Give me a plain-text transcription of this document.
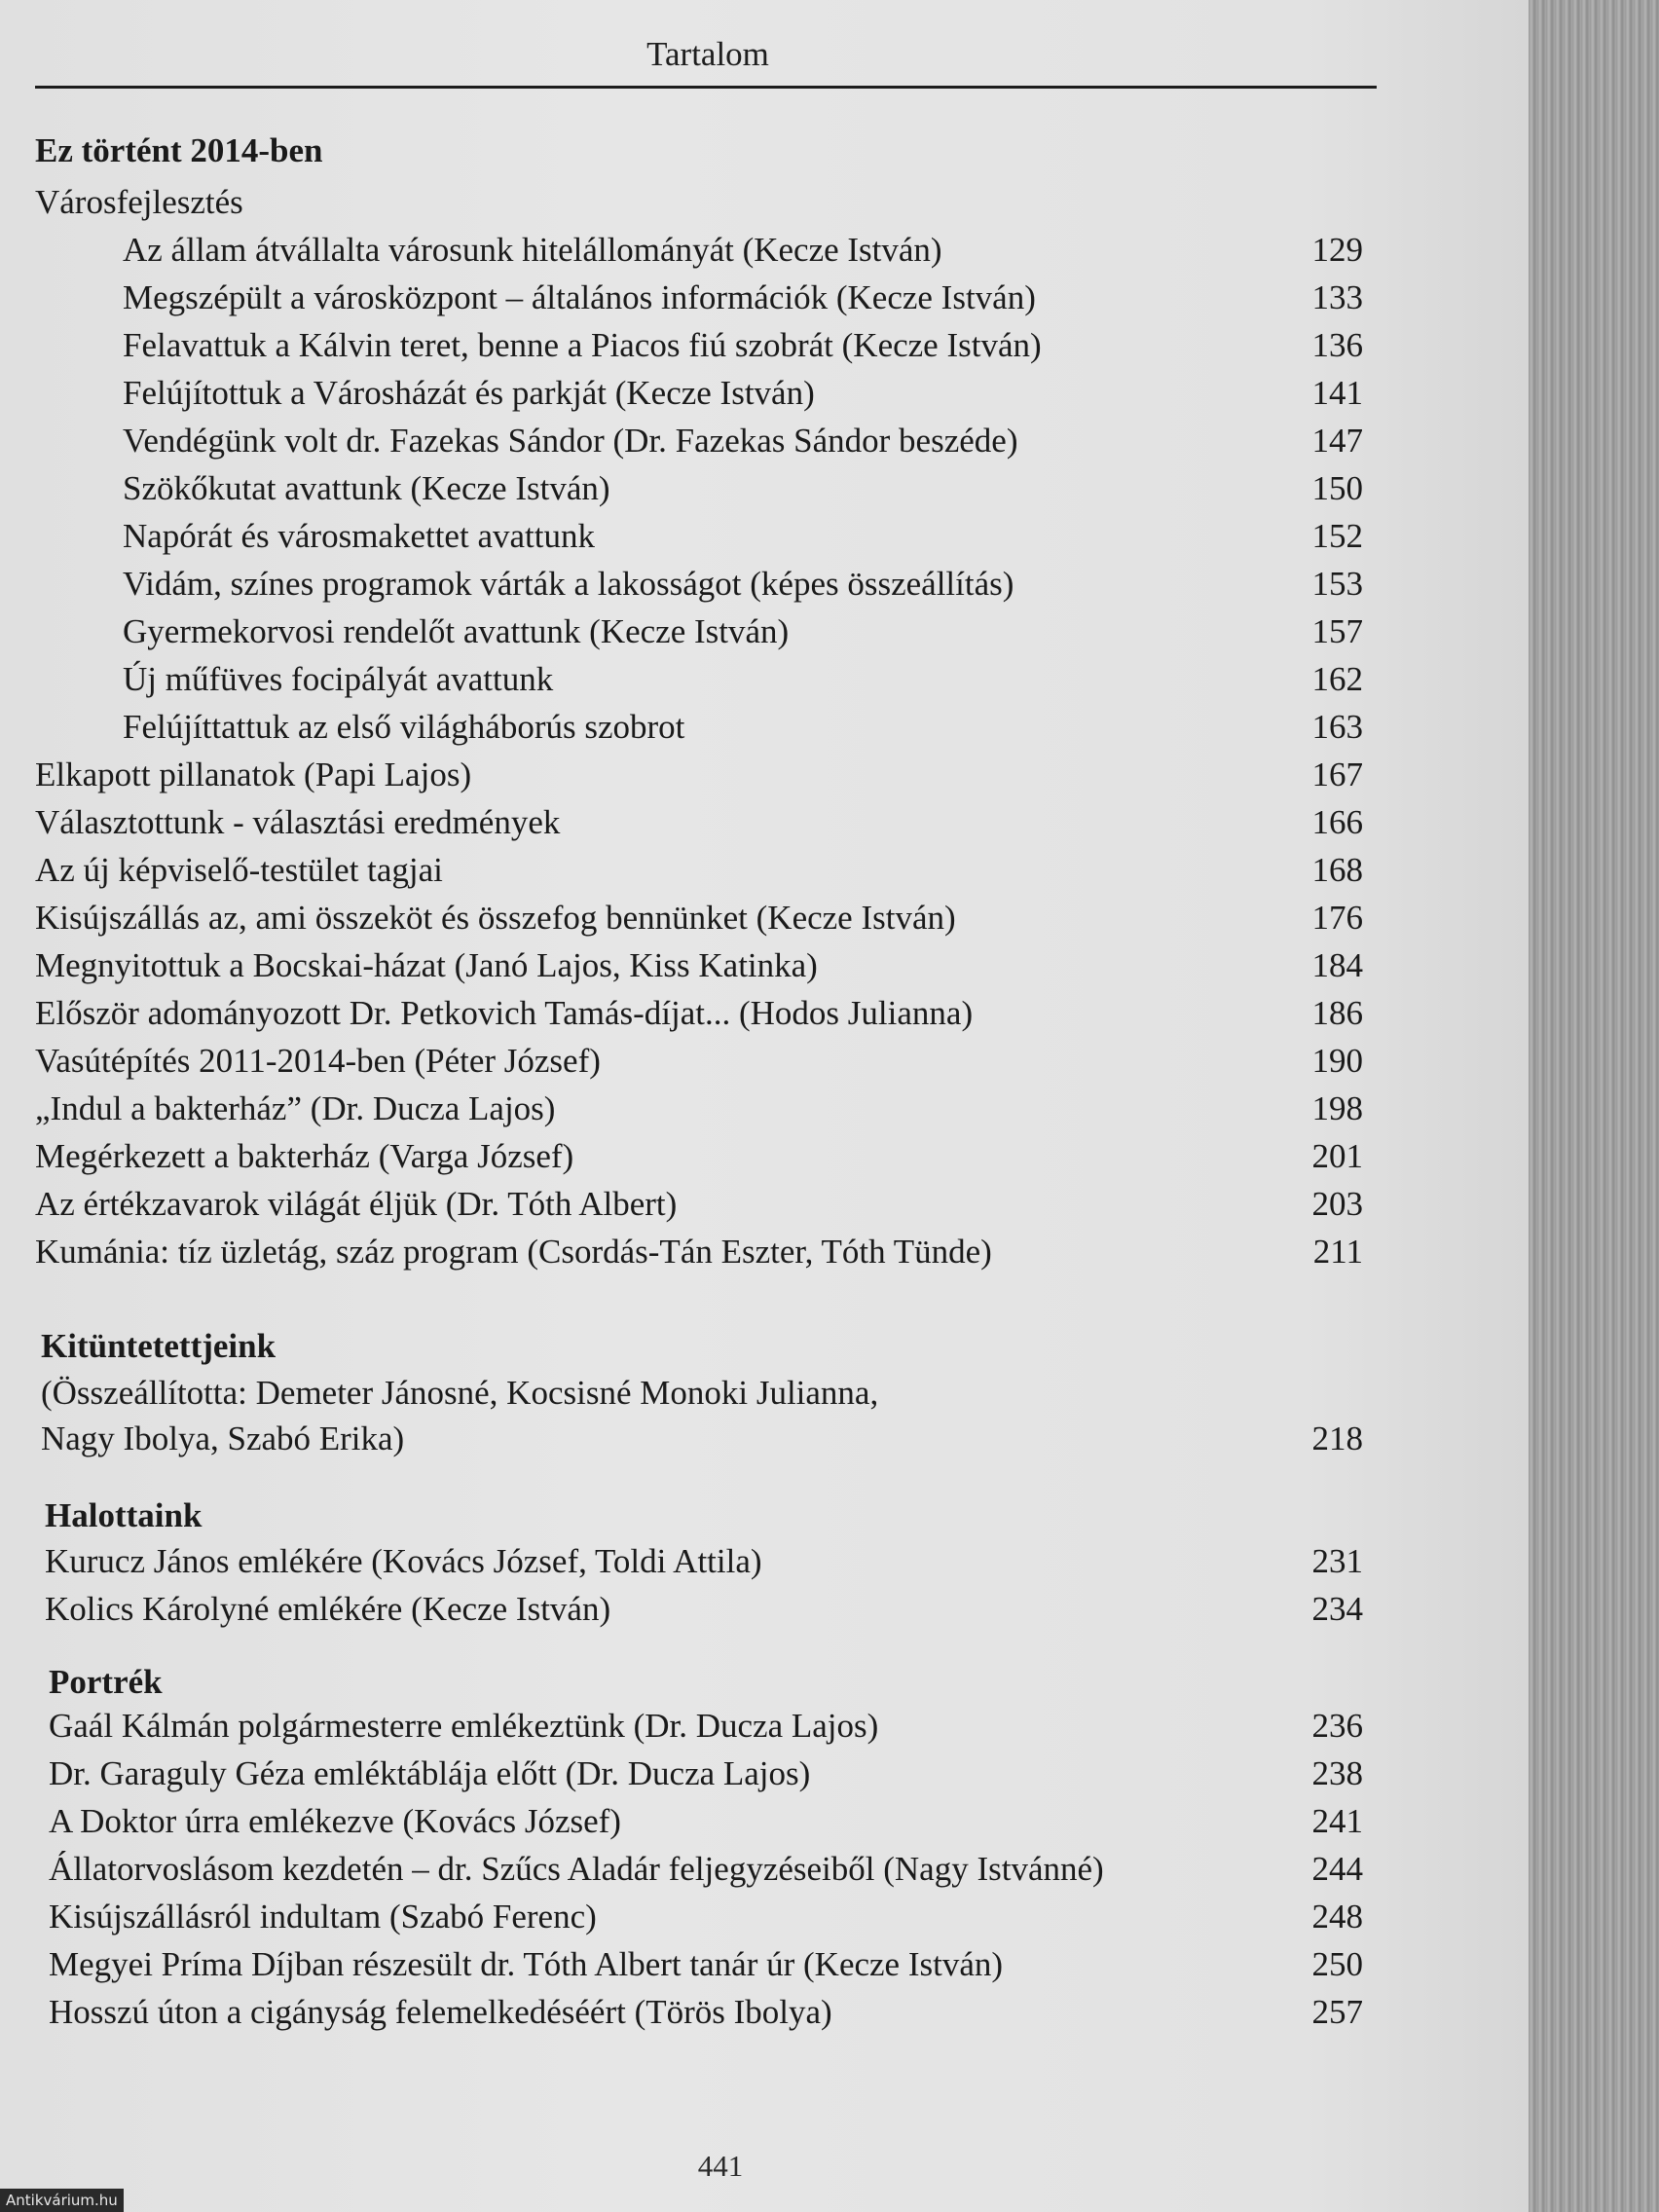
Tartalom
Ez történt 2014-ben
Városfejlesztés
Az állam átvállalta városunk hitelállományát (Kecze István)	129
Megszépült a városközpont – általános információk (Kecze István)	133
Felavattuk a Kálvin teret, benne a Piacos fiú szobrát (Kecze István)	136
Felújítottuk a Városházát és parkját (Kecze István)	141
Vendégünk volt dr. Fazekas Sándor (Dr. Fazekas Sándor beszéde)	147
Szökőkutat avattunk (Kecze István)	150
Napórát és városmakettet avattunk	152
Vidám, színes programok várták a lakosságot (képes összeállítás)	153
Gyermekorvosi rendelőt avattunk (Kecze István)	157
Új műfüves focipályát avattunk	162
Felújíttattuk az első világháborús szobrot	163
Elkapott pillanatok (Papi Lajos)	167
Választottunk - választási eredmények	166
Az új képviselő-testület tagjai	168
Kisújszállás az, ami összeköt és összefog bennünket (Kecze István)	176
Megnyitottuk a Bocskai-házat (Janó Lajos, Kiss Katinka)	184
Először adományozott Dr. Petkovich Tamás-díjat... (Hodos Julianna)	186
Vasútépítés 2011-2014-ben (Péter József)	190
„Indul a bakterház” (Dr. Ducza Lajos)	198
Megérkezett a bakterház (Varga József)	201
Az értékzavarok világát éljük (Dr. Tóth Albert)	203
Kumánia: tíz üzletág, száz program (Csordás-Tán Eszter, Tóth Tünde)	211
Kitüntetettjeink
(Összeállította: Demeter Jánosné, Kocsisné Monoki Julianna,
Nagy Ibolya, Szabó Erika)	218
Halottaink
Kurucz János emlékére (Kovács József, Toldi Attila)	231
Kolics Károlyné emlékére (Kecze István)	234
Portrék
Gaál Kálmán polgármesterre emlékeztünk (Dr. Ducza Lajos)	236
Dr. Garaguly Géza emléktáblája előtt (Dr. Ducza Lajos)	238
A Doktor úrra emlékezve (Kovács József)	241
Állatorvoslásom kezdetén – dr. Szűcs Aladár feljegyzéseiből (Nagy Istvánné)	244
Kisújszállásról indultam (Szabó Ferenc)	248
Megyei Príma Díjban részesült dr. Tóth Albert tanár úr (Kecze István)	250
Hosszú úton a cigányság felemelkedéséért (Törös Ibolya)	257
441
Antikvárium.hu
